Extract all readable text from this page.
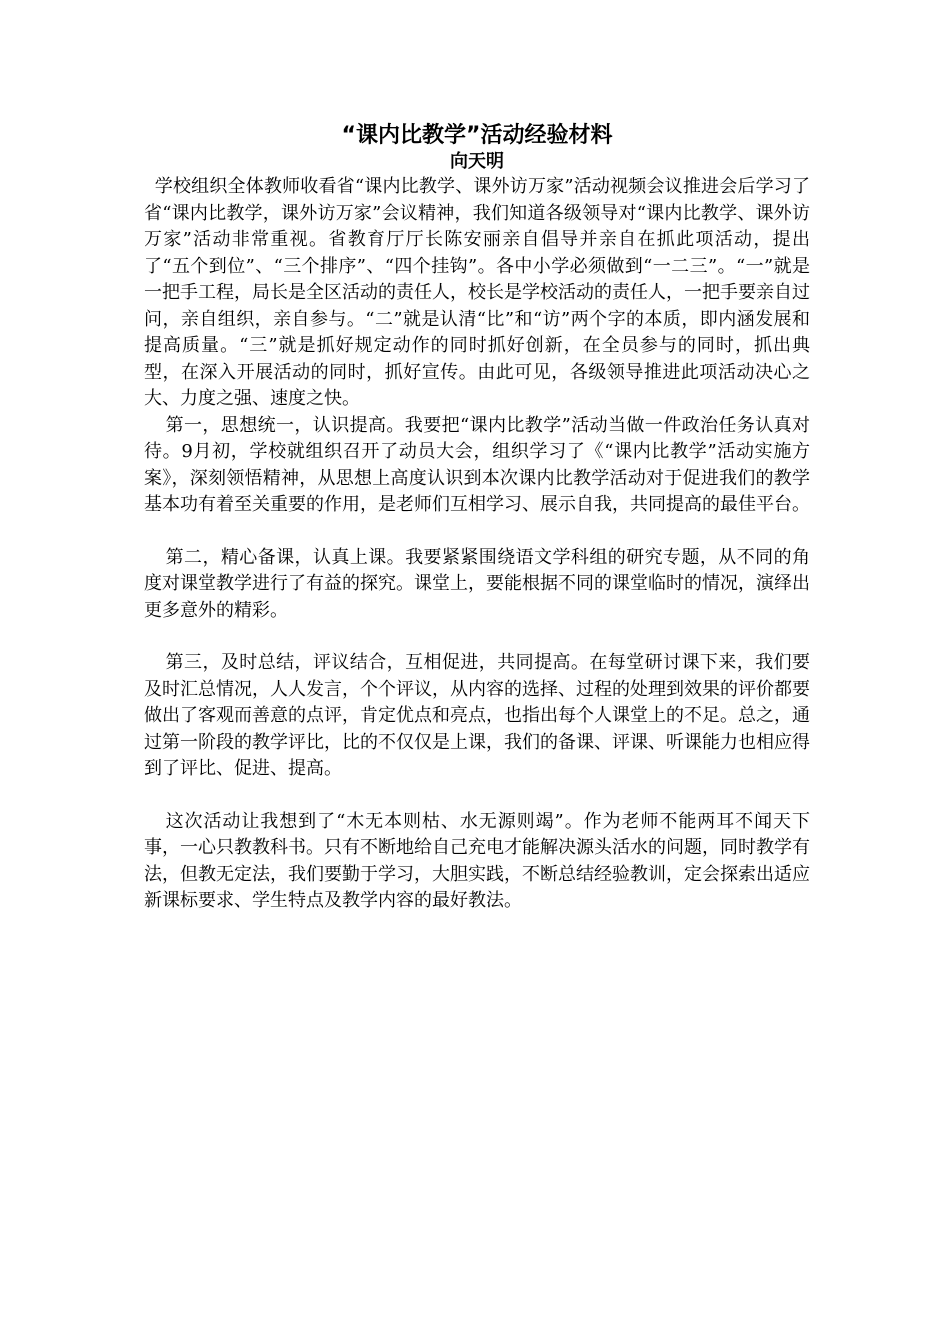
“课内比教学”活动经验材料
向天明

学校组织全体教师收看省“课内比教学、课外访万家”活动视频会议推进会后学习了省“课内比教学，课外访万家”会议精神，我们知道各级领导对“课内比教学、课外访万家”活动非常重视。省教育厅厅长陈安丽亲自倡导并亲自在抓此项活动，提出了“五个到位”、“三个排序”、“四个挂钩”。各中小学必须做到“一二三”。“一”就是一把手工程，局长是全区活动的责任人，校长是学校活动的责任人，一把手要亲自过问，亲自组织，亲自参与。“二”就是认清“比”和“访”两个字的本质，即内涵发展和提高质量。“三”就是抓好规定动作的同时抓好创新，在全员参与的同时，抓出典型，在深入开展活动的同时，抓好宣传。由此可见，各级领导推进此项活动决心之大、力度之强、速度之快。

第一，思想统一，认识提高。我要把“课内比教学”活动当做一件政治任务认真对待。9月初，学校就组织召开了动员大会，组织学习了《“课内比教学”活动实施方案》，深刻领悟精神，从思想上高度认识到本次课内比教学活动对于促进我们的教学基本功有着至关重要的作用，是老师们互相学习、展示自我，共同提高的最佳平台。

第二，精心备课，认真上课。我要紧紧围绕语文学科组的研究专题，从不同的角度对课堂教学进行了有益的探究。课堂上，要能根据不同的课堂临时的情况，演绎出更多意外的精彩。

第三，及时总结，评议结合，互相促进，共同提高。在每堂研讨课下来，我们要及时汇总情况，人人发言，个个评议，从内容的选择、过程的处理到效果的评价都要做出了客观而善意的点评，肯定优点和亮点，也指出每个人课堂上的不足。总之，通过第一阶段的教学评比，比的不仅仅是上课，我们的备课、评课、听课能力也相应得到了评比、促进、提高。

这次活动让我想到了“木无本则枯、水无源则竭”。作为老师不能两耳不闻天下事，一心只教教科书。只有不断地给自己充电才能解决源头活水的问题，同时教学有法，但教无定法，我们要勤于学习，大胆实践，不断总结经验教训，定会探索出适应新课标要求、学生特点及教学内容的最好教法。
